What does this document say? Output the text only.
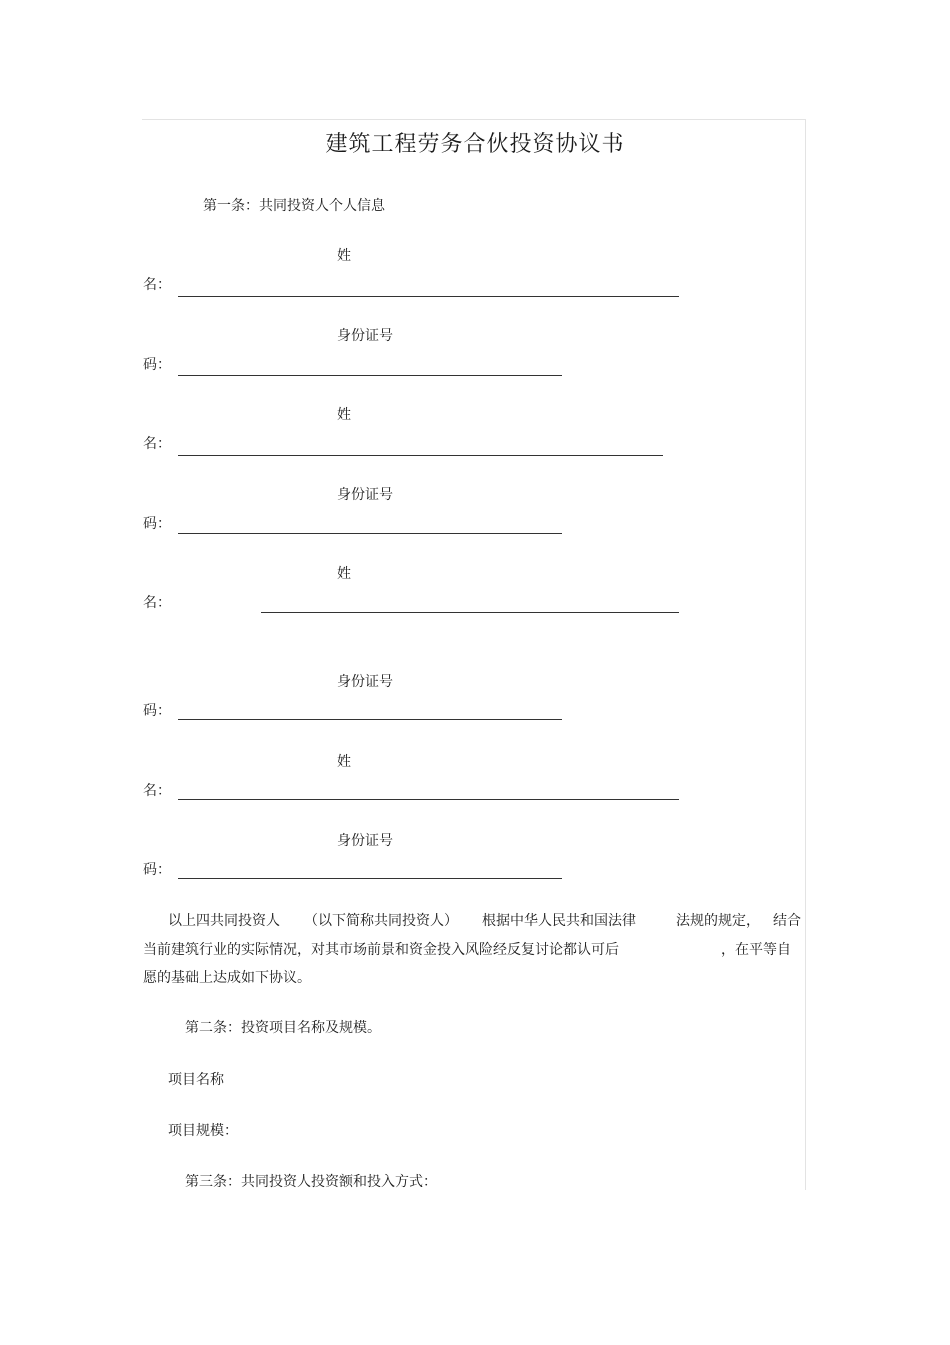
建筑工程劳务合伙投资协议书
第一条：共同投资人个人信息
姓
名：
身份证号
码：
姓
名：
身份证号
码：
姓
名：
身份证号
码：
姓
名：
身份证号
码：
以上四共同投资人 （以下简称共同投资人） 根据中华人民共和国法律	法规的规定， 结合
当前建筑行业的实际情况，对其市场前景和资金投入风险经反复讨论都认可后	，在平等自
愿的基础上达成如下协议。
第二条：投资项目名称及规模。
项目名称
项目规模：
第三条：共同投资人投资额和投入方式：
